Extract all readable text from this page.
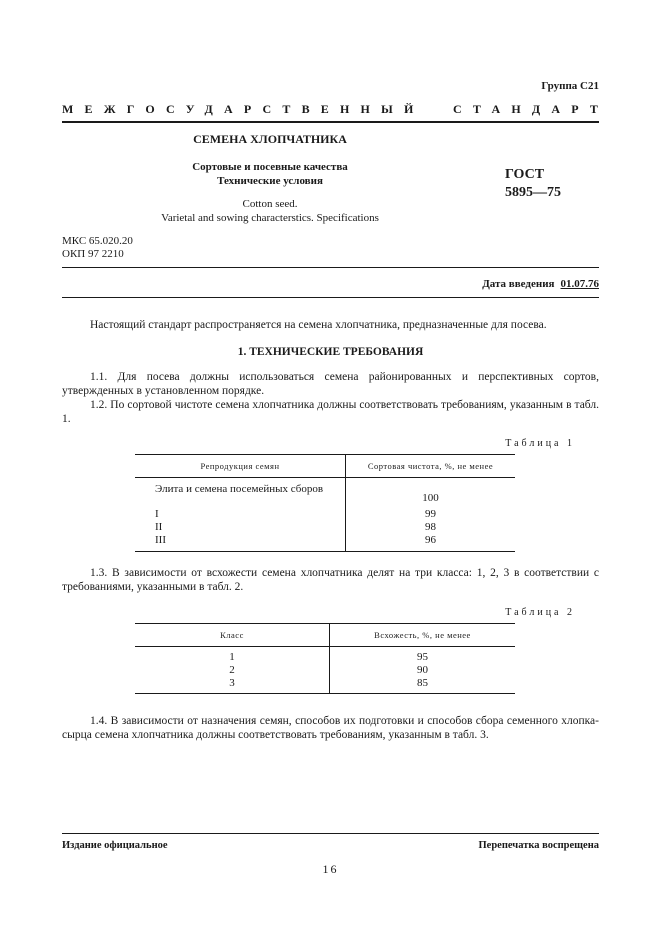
Группа С21
МЕЖГОСУДАРСТВЕННЫЙ СТАНДАРТ
СЕМЕНА ХЛОПЧАТНИКА
Сортовые и посевные качества
Технические условия
Cotton seed.
Varietal and sowing characterstics. Specifications
ГОСТ
5895—75
МКС 65.020.20
ОКП 97 2210
Дата введения 01.07.76
Настоящий стандарт распространяется на семена хлопчатника, предназначенные для посева.
1. ТЕХНИЧЕСКИЕ ТРЕБОВАНИЯ
1.1. Для посева должны использоваться семена районированных и перспективных сортов, утвержденных в установленном порядке.
1.2. По сортовой чистоте семена хлопчатника должны соответствовать требованиям, указанным в табл. 1.
Таблица 1
Репродукция семян	Сортовая чистота, %, не менее
Элита и семена посемейных сборов	100
I	99
II	98
III	96
1.3. В зависимости от всхожести семена хлопчатника делят на три класса: 1, 2, 3 в соответствии с требованиями, указанными в табл. 2.
Таблица 2
Класс	Всхожесть, %, не менее
1	95
2	90
3	85
1.4. В зависимости от назначения семян, способов их подготовки и способов сбора семенного хлопка-сырца семена хлопчатника должны соответствовать требованиям, указанным в табл. 3.
Издание официальное	Перепечатка воспрещена
16
